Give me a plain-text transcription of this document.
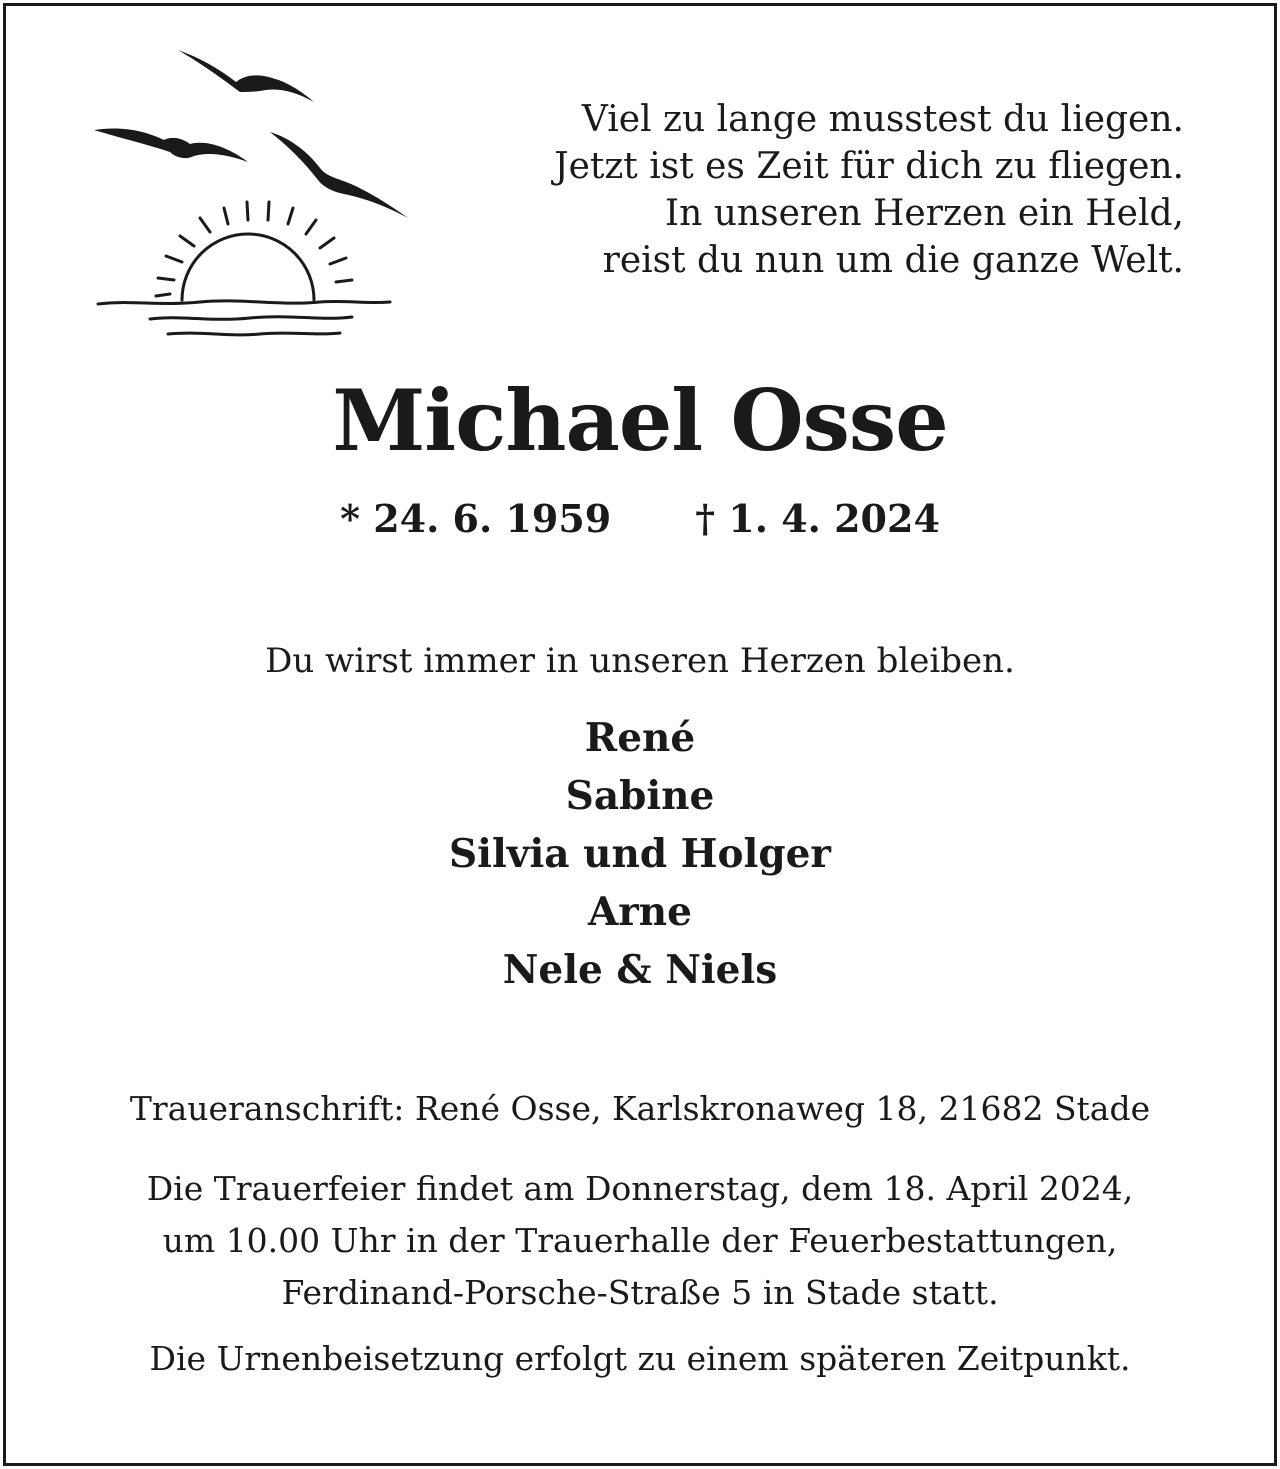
Viel zu lange musstest du liegen.
Jetzt ist es Zeit für dich zu fliegen.
In unseren Herzen ein Held,
reist du nun um die ganze Welt.
Michael Osse
* 24. 6. 1959 † 1. 4. 2024
Du wirst immer in unseren Herzen bleiben.
René
Sabine
Silvia und Holger
Arne
Nele & Niels
Traueranschrift: René Osse, Karlskronaweg 18, 21682 Stade
Die Trauerfeier findet am Donnerstag, dem 18. April 2024,
um 10.00 Uhr in der Trauerhalle der Feuerbestattungen,
Ferdinand-Porsche-Straße 5 in Stade statt.
Die Urnenbeisetzung erfolgt zu einem späteren Zeitpunkt.
